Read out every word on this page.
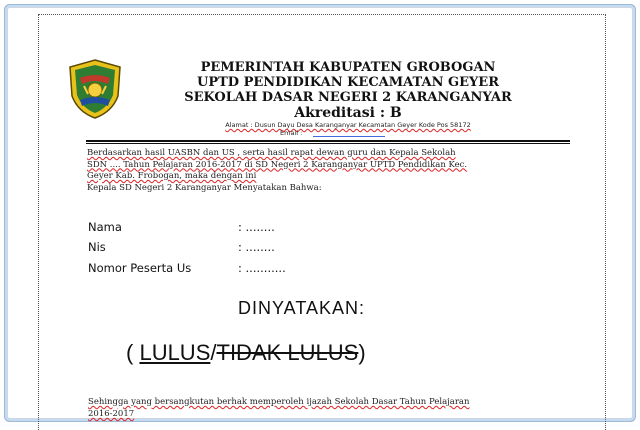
PEMERINTAH KABUPATEN GROBOGAN
UPTD PENDIDIKAN KECAMATAN GEYER
SEKOLAH DASAR NEGERI 2 KARANGANYAR
Akreditasi : B
Alamat : Dusun Dayu Desa Karanganyar Kecamatan Geyer Kode Pos 58172
Email :
Berdasarkan hasil UASBN dan US , serta hasil rapat dewan guru dan Kepala Sekolah
SDN .... Tahun Pelajaran 2016-2017 di SD Negeri 2 Karanganyar UPTD Pendidikan Kec.
Geyer Kab. Frobogan, maka dengan ini
Kepala SD Negeri 2 Karanganyar Menyatakan Bahwa:
Nama	: ........
Nis	: ........
Nomor Peserta Us	: ...........
DINYATAKAN:
( LULUS/TIDAK LULUS)
Sehingga yang bersangkutan berhak memperoleh ijazah Sekolah Dasar Tahun Pelajaran
2016-2017
